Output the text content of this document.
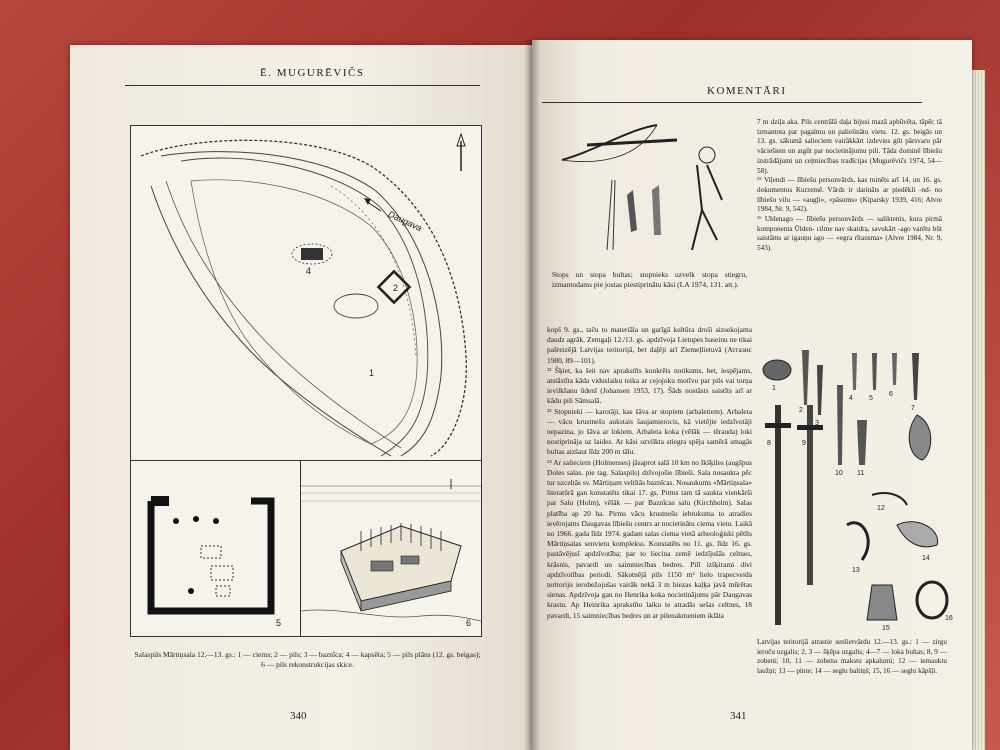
Ē. MUGURĒVIČS
Daugava
2
4
1
5	6
Salaspils Mārtiņsala 12.—13. gs.: 1 — ciems; 2 — pils; 3 — baznīca; 4 — kapsēta; 5 — pils plāns (12. gs. beigas);
6 — pils rekonstrukcijas skice.
340
KOMENTĀRI
Stops un stopa bultas; stopnieks uzvelk stopa stiegru, izmantodams pie jostas piestiprinātu kāsi (LA 1974, 131. att.).
7 m dziļa aka. Pils centrālā daļa bijusi mazā apbūvēta, tāpēc tā izmantota par pagalmu un palielinātu vietu. 12. gs. beigās un 13. gs. sākumā salieciem vairākkārt izdevies gūt pārsvaru pār vāciešiem un atgūt par nocietinājumu pili. Tāda dominē lībiešu izstrādājumi un ceļmiecības tradīcijas (Mugurēvičs 1974, 54—58).
¹⁵ Viļendi — lībiešu personvārds, kas minēts arī 14. un 16. gs. dokumentos Kurzemē. Vārds ir darināts ar piedēkli -nd- no lībiešu vilu — «augļi», «pāsums» (Kiparsky 1939, 416; Alvre 1984, Nr. 9, 542).
¹⁶ Uldenago — lībiešu personvārds — saliktenis, kura pirmā komponenta Ūlden- cilme nav skaidra, savukārt -ago varētu būt saistāms ar igauņu ago — «egra rītausma» (Alvre 1984, Nr. 9, 543).
kopš 9. gs., taču to materiāla un garīgā kultūra droši aizsekojama daudz agrāk. Zemgaļi 12./13. gs. apdzīvoja Lietupes baseinu ne tikai pašreizējā Latvijas teritorijā, bet daļēji arī Ziemeļlietuvā (Атгазис 1980, 89—101).
²² Šķiet, ka šeit nav aprakstīts konkrēts notikums, bet, iespējams, atstāstīta kāda viduslaiku teika ar cejojoku motīvu par pils vai torņa ievilkšanu ūdenī (Johansen 1953, 17). Šāds nostāsts saistīts arī ar kādu pili Sāmsalā.
²³ Stopnieki — karotāji, kas šāva ar stopiem (arbaletiem). Arbaleta — vācu krustnešu aukstais šaujamierocis, kā vietējie iedzīvotāji nepazina, jo šāva ar lokiem. Arbaleta koka (vēlāk — tērauda) loki nostiprināja uz laides. Ar kāsi uzvilkta stiegra spēja samērā smagās bultas aizšaut līdz 200 m tālu.
²⁴ Ar salieciem (Holmenses) jāsaprot salā 10 km no Ikšķiles (augšpus Doles salas, pie tag. Salaspils) dzīvojošie lībieši. Sala nosaukta pēc tur uzceltās sv. Mārtiņam veltītās baznīcas. Nosaukums «Mārtiņsala» literatūrā gan konstatēts tikai 17. gs. Pirms tam tā saukta vienkārši par Salu (Holm), vēlāk — par Baznīcas salu (Kirchholm). Salas platība ap 20 ha. Pirms vācu krustnešu iebrukuma to atradies ievērojams Daugavas lībiešu centrs ar nocietinātu ciema vietu. Laikā no 1966. gada līdz 1974. gadam salas ciema vietā arheoloģiski pētīts Mārtiņsalas senvietu komplekss. Konstatēts no 11. gs. līdz 16. gs. pastāvējusī apdzīvotība; par to liecina zemē iedzījušās celtnes, krāsnis, pavardi un saimniecības bedres. Pilī izšķirami divi apdzīvotības periodi. Sākotnējā pils 1150 m² lielo trapecveida teritoriju ierobežojušas vairāk nekā 3 m biezas kaļķa javā mūrētas sienas. Apdzīvoja gan no Henrika koka nocietinājums pār Daugavas krastu. Ap Heinrika aprakstīto laiku te atradās sešas celtnes, 18 pavardi, 15 saimniecības bedres un ar pilenakmeniem iklāta
1
2
3
4 5
6
7
8	9
10 11
12
13
14
15
16
Latvijas teritorijā atrastie senlietvārdu 12.—13. gs.: 1 — zirgu ieroču uzgalis; 2, 3 — šķēpa uzgalis; 4—7 — loka bultas; 8, 9 — zobeni; 10, 11 — zobena makstu apkalumi; 12 — iemauktu laužņi; 13 — pinte; 14 — seglu baltiņš; 15, 16 — seglu kāpšļi.
341
